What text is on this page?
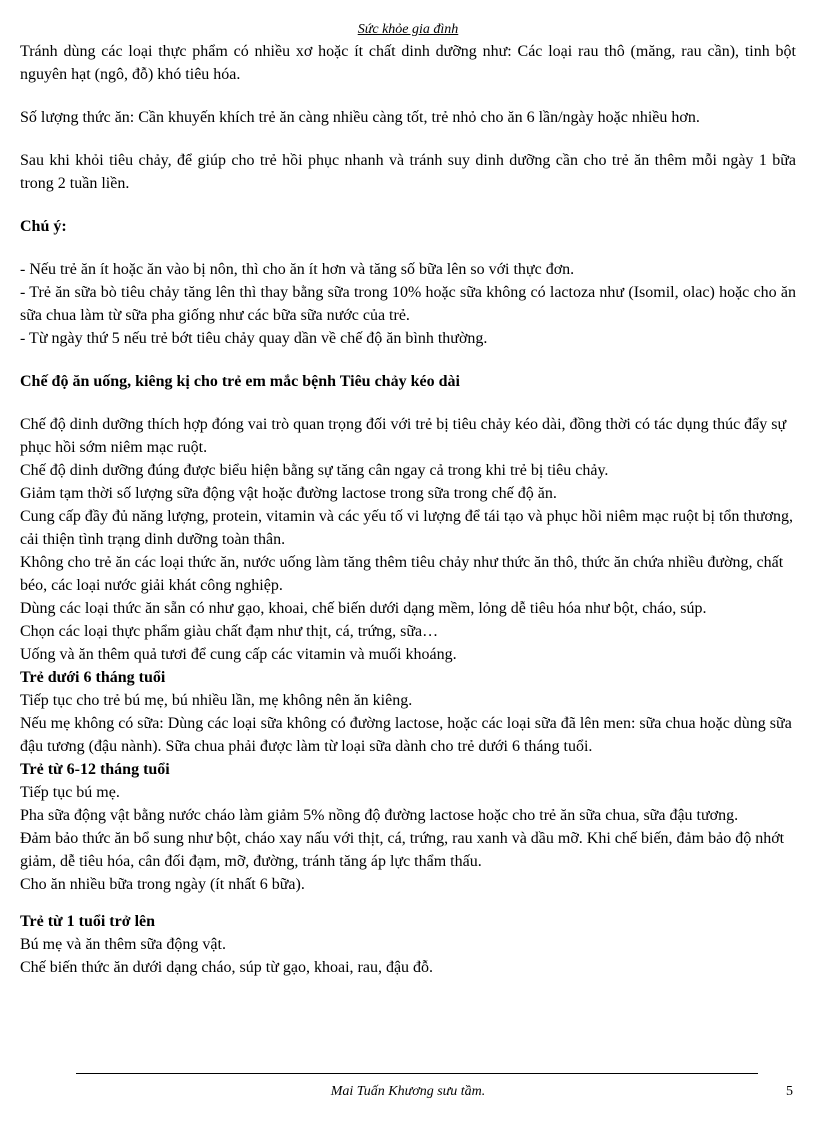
Sức khỏe gia đình

Tránh dùng các loại thực phẩm có nhiều xơ hoặc ít chất dinh dưỡng như: Các loại rau thô (măng, rau cần), tinh bột nguyên hạt (ngô, đỗ) khó tiêu hóa.

Số lượng thức ăn: Cần khuyến khích trẻ ăn càng nhiều càng tốt, trẻ nhỏ cho ăn 6 lần/ngày hoặc nhiều hơn.

Sau khi khỏi tiêu chảy, để giúp cho trẻ hồi phục nhanh và tránh suy dinh dưỡng cần cho trẻ ăn thêm mỗi ngày 1 bữa trong 2 tuần liền.

Chú ý:

- Nếu trẻ ăn ít hoặc ăn vào bị nôn, thì cho ăn ít hơn và tăng số bữa lên so với thực đơn.

- Trẻ ăn sữa bò tiêu chảy tăng lên thì thay bằng sữa trong 10% hoặc sữa không có lactoza như (Isomil, olac) hoặc cho ăn sữa chua làm từ sữa pha giống như các bữa sữa nước của trẻ.

- Từ ngày thứ 5 nếu trẻ bớt tiêu chảy quay dần về chế độ ăn bình thường.

Chế độ ăn uống, kiêng kị cho trẻ em mắc bệnh Tiêu chảy kéo dài

Chế độ dinh dưỡng thích hợp đóng vai trò quan trọng đối với trẻ bị tiêu chảy kéo dài, đồng thời có tác dụng thúc đẩy sự phục hồi sớm niêm mạc ruột.

Chế độ dinh dưỡng đúng được biểu hiện bằng sự tăng cân ngay cả trong khi trẻ bị tiêu chảy.

Giảm tạm thời số lượng sữa động vật hoặc đường lactose trong sữa trong chế độ ăn.

Cung cấp đầy đủ năng lượng, protein, vitamin và các yếu tố vi lượng để tái tạo và phục hồi niêm mạc ruột bị tổn thương, cải thiện tình trạng dinh dưỡng toàn thân.

Không cho trẻ ăn các loại thức ăn, nước uống làm tăng thêm tiêu chảy như thức ăn thô, thức ăn chứa nhiều đường, chất béo, các loại nước giải khát công nghiệp.

Dùng các loại thức ăn sẵn có như gạo, khoai, chế biến dưới dạng mềm, lỏng dễ tiêu hóa như bột, cháo, súp.

Chọn các loại thực phẩm giàu chất đạm như thịt, cá, trứng, sữa…

Uống và ăn thêm quả tươi để cung cấp các vitamin và muối khoáng.

Trẻ dưới 6 tháng tuổi

Tiếp tục cho trẻ bú mẹ, bú nhiều lần, mẹ không nên ăn kiêng.

Nếu mẹ không có sữa: Dùng các loại sữa không có đường lactose, hoặc các loại sữa đã lên men: sữa chua hoặc dùng sữa đậu tương (đậu nành). Sữa chua phải được làm từ loại sữa dành cho trẻ dưới 6 tháng tuổi.

Trẻ từ 6-12 tháng tuổi

Tiếp tục bú mẹ.

Pha sữa động vật bằng nước cháo làm giảm 5% nồng độ đường lactose hoặc cho trẻ ăn sữa chua, sữa đậu tương.

Đảm bảo thức ăn bổ sung như bột, cháo xay nấu với thịt, cá, trứng, rau xanh và dầu mỡ. Khi chế biến, đảm bảo độ nhớt giảm, dễ tiêu hóa, cân đối đạm, mỡ, đường, tránh tăng áp lực thẩm thấu.

Cho ăn nhiều bữa trong ngày (ít nhất 6 bữa).

Trẻ từ 1 tuổi trở lên

Bú mẹ và ăn thêm sữa động vật.

Chế biến thức ăn dưới dạng cháo, súp từ gạo, khoai, rau, đậu đỗ.

Mai Tuấn Khương sưu tầm.	5
